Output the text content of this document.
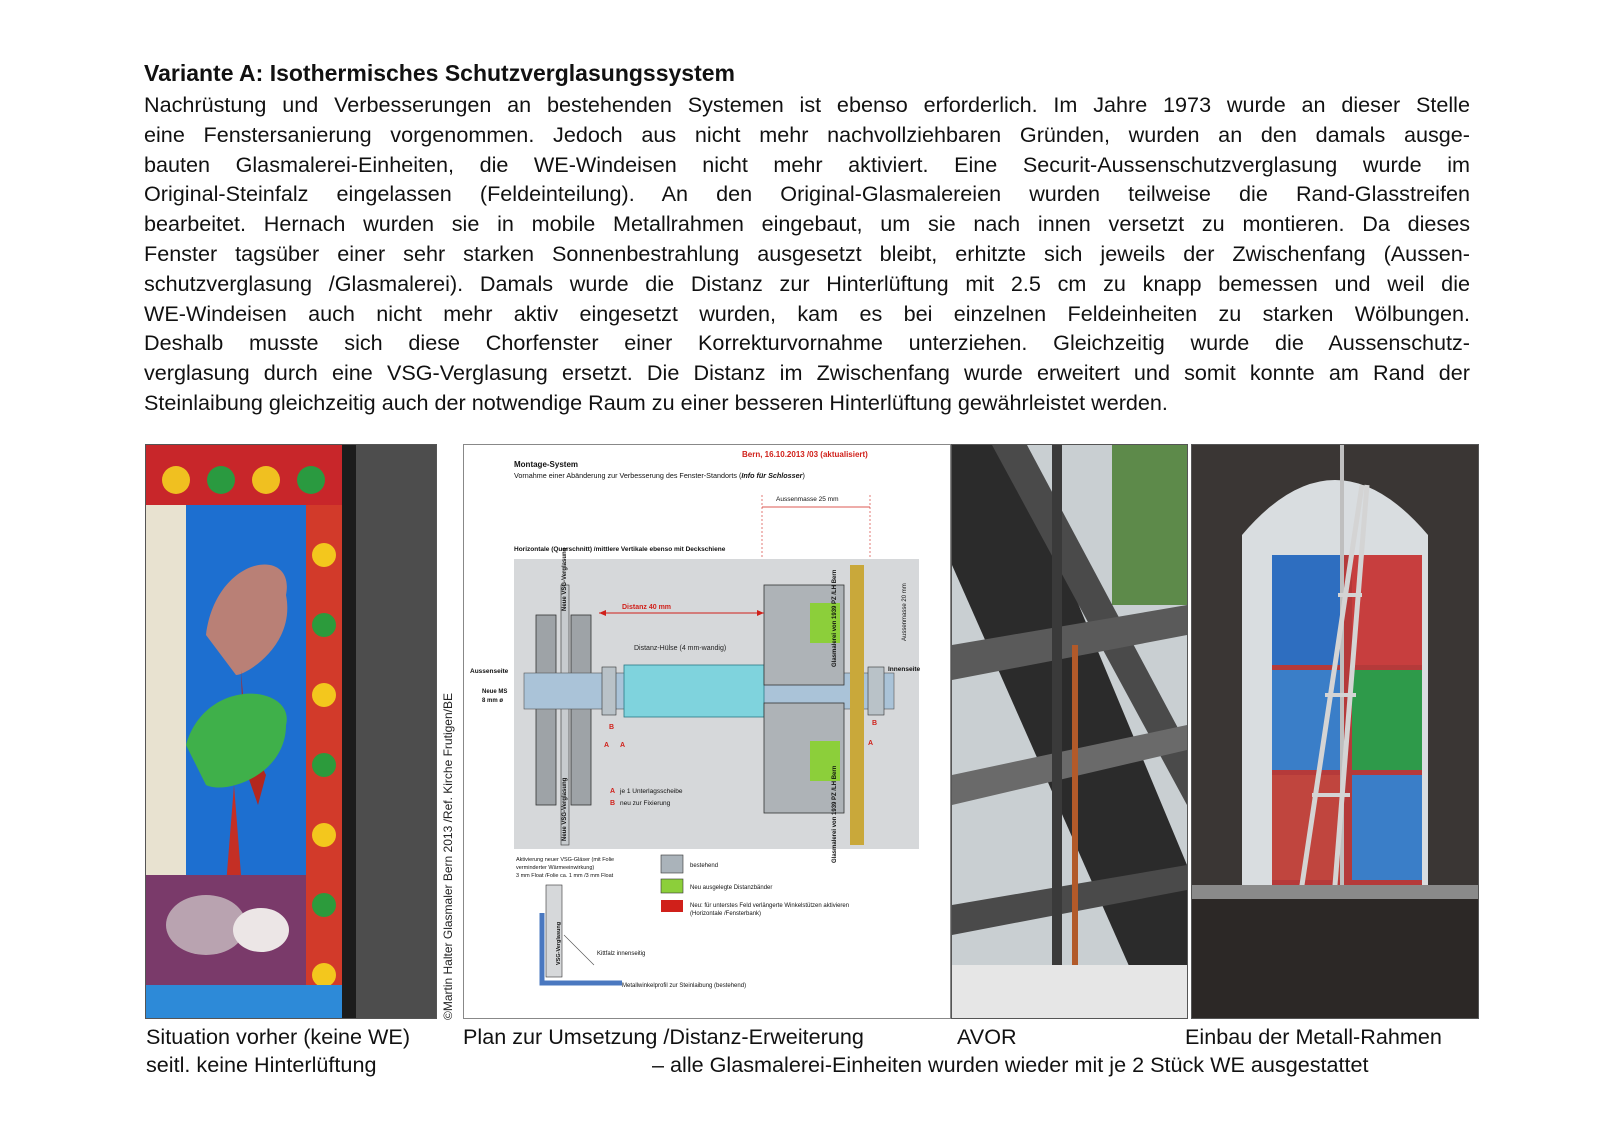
Variante A: Isothermisches Schutzverglasungssystem
Nachrüstung und Verbesserungen an bestehenden Systemen ist ebenso erforderlich. Im Jahre 1973 wurde an dieser Stelle
eine Fenstersanierung vorgenommen. Jedoch aus nicht mehr nachvollziehbaren Gründen, wurden an den damals ausge-
bauten Glasmalerei-Einheiten, die WE-Windeisen nicht mehr aktiviert. Eine Securit-Aussenschutzverglasung wurde im
Original-Steinfalz eingelassen (Feldeinteilung). An den Original-Glasmalereien wurden teilweise die Rand-Glasstreifen
bearbeitet. Hernach wurden sie in mobile Metallrahmen eingebaut, um sie nach innen versetzt zu montieren. Da dieses
Fenster tagsüber einer sehr starken Sonnenbestrahlung ausgesetzt bleibt, erhitzte sich jeweils der Zwischenfang (Aussen-
schutzverglasung /Glasmalerei). Damals wurde die Distanz zur Hinterlüftung mit 2.5 cm zu knapp bemessen und weil die
WE-Windeisen auch nicht mehr aktiv eingesetzt wurden, kam es bei einzelnen Feldeinheiten zu starken Wölbungen.
Deshalb musste sich diese Chorfenster einer Korrekturvornahme unterziehen. Gleichzeitig wurde die Aussenschutz-
verglasung durch eine VSG-Verglasung ersetzt. Die Distanz im Zwischenfang wurde erweitert und somit konnte am Rand der
Steinlaibung gleichzeitig auch der notwendige Raum zu einer besseren Hinterlüftung gewährleistet werden.
Bern, 16.10.2013 /03 (aktualisiert)
Montage-System
Vornahme einer Abänderung zur Verbesserung des Fenster-Standorts (Info für Schlosser)
Aussenmasse 25 mm
Horizontale (Querschnitt) /mittlere Vertikale ebenso mit Deckschiene
Distanz 40 mm
Distanz-Hülse (4 mm-wandig)
Aussenseite	Innenseite
Neue MS
8 mm ø
Neue VSG-Verglasung	Glasmalerei von 1939 PZ /LH Bern	Aussenmasse 20 mm
Neue VSG-Verglasung	Glasmalerei von 1939 PZ /LH Bern
B
A A
B
A
A je 1 Unterlagsscheibe
B neu zur Fixierung
Aktivierung neuer VSG-Gläser (mit Folie
verminderter Wärmeeinwirkung)
3 mm Float /Folie ca. 1 mm /3 mm Float
bestehend
Neu ausgelegte Distanzbänder
Neu: für unterstes Feld verlängerte Winkelstützen aktivieren
(Horizontale /Fensterbank)
VSG-Verglasung	Kittfalz innenseitig
Metallwinkelprofil zur Steinlaibung (bestehend)
©Martin Halter Glasmaler Bern 2013 /Ref. Kirche Frutigen/BE
Situation vorher (keine WE)
seitl. keine Hinterlüftung
Plan zur Umsetzung /Distanz-Erweiterung	AVOR	Einbau der Metall-Rahmen
– alle Glasmalerei-Einheiten wurden wieder mit je 2 Stück WE ausgestattet
